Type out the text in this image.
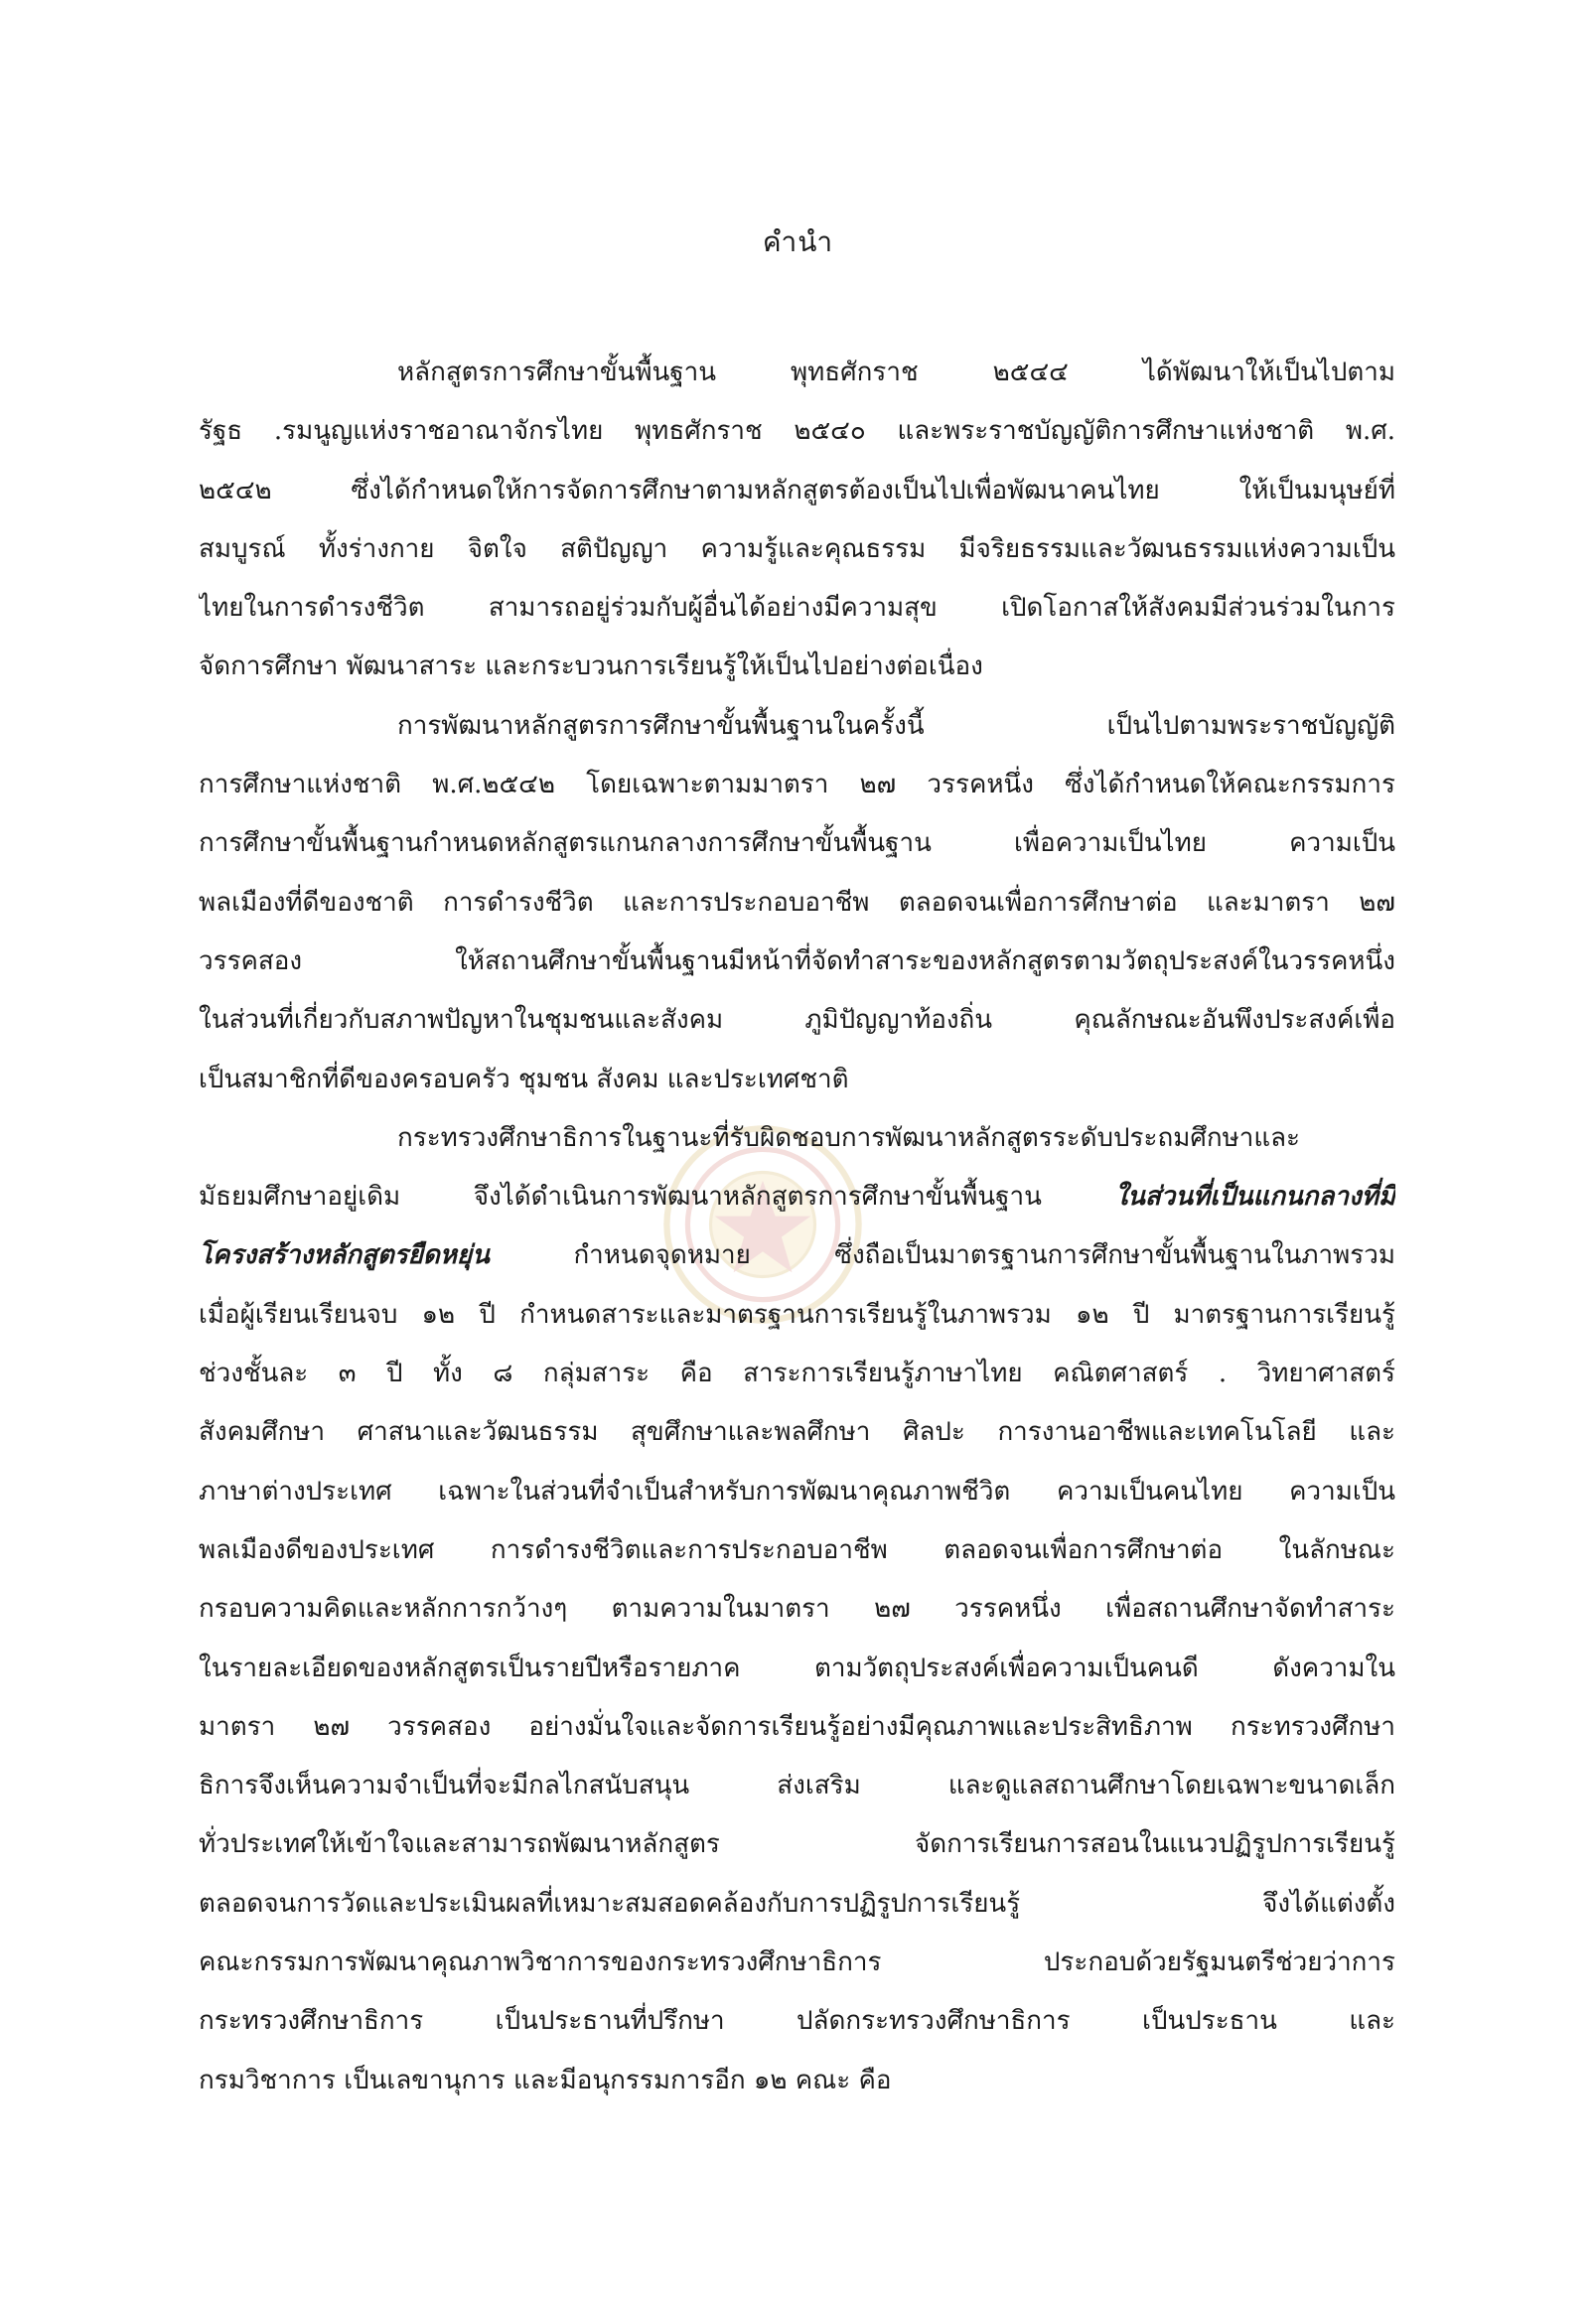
คำนำ
หลักสูตรการศึกษาขั้นพื้นฐาน พุทธศักราช ๒๕๔๔ ได้พัฒนาให้เป็นไปตาม
รัฐธ .รมนูญแห่งราชอาณาจักรไทย พุทธศักราช ๒๕๔๐ และพระราชบัญญัติการศึกษาแห่งชาติ พ.ศ.
๒๕๔๒ ซึ่งได้กำหนดให้การจัดการศึกษาตามหลักสูตรต้องเป็นไปเพื่อพัฒนาคนไทย ให้เป็นมนุษย์ที่
สมบูรณ์ ทั้งร่างกาย จิตใจ สติปัญญา ความรู้และคุณธรรม มีจริยธรรมและวัฒนธรรมแห่งความเป็น
ไทยในการดำรงชีวิต สามารถอยู่ร่วมกับผู้อื่นได้อย่างมีความสุข เปิดโอกาสให้สังคมมีส่วนร่วมในการ
จัดการศึกษา พัฒนาสาระ และกระบวนการเรียนรู้ให้เป็นไปอย่างต่อเนื่อง
การพัฒนาหลักสูตรการศึกษาขั้นพื้นฐานในครั้งนี้ เป็นไปตามพระราชบัญญัติ
การศึกษาแห่งชาติ พ.ศ.๒๕๔๒ โดยเฉพาะตามมาตรา ๒๗ วรรคหนึ่ง ซึ่งได้กำหนดให้คณะกรรมการ
การศึกษาขั้นพื้นฐานกำหนดหลักสูตรแกนกลางการศึกษาขั้นพื้นฐาน เพื่อความเป็นไทย ความเป็น
พลเมืองที่ดีของชาติ การดำรงชีวิต และการประกอบอาชีพ ตลอดจนเพื่อการศึกษาต่อ และมาตรา ๒๗
วรรคสอง ให้สถานศึกษาขั้นพื้นฐานมีหน้าที่จัดทำสาระของหลักสูตรตามวัตถุประสงค์ในวรรคหนึ่ง
ในส่วนที่เกี่ยวกับสภาพปัญหาในชุมชนและสังคม ภูมิปัญญาท้องถิ่น คุณลักษณะอันพึงประสงค์เพื่อ
เป็นสมาชิกที่ดีของครอบครัว ชุมชน สังคม และประเทศชาติ
กระทรวงศึกษาธิการในฐานะที่รับผิดชอบการพัฒนาหลักสูตรระดับประถมศึกษาและ
มัธยมศึกษาอยู่เดิม จึงได้ดำเนินการพัฒนาหลักสูตรการศึกษาขั้นพื้นฐาน ในส่วนที่เป็นแกนกลางที่มี
โครงสร้างหลักสูตรยืดหยุ่น กำหนดจุดหมาย ซึ่งถือเป็นมาตรฐานการศึกษาขั้นพื้นฐานในภาพรวม
เมื่อผู้เรียนเรียนจบ ๑๒ ปี กำหนดสาระและมาตรฐานการเรียนรู้ในภาพรวม ๑๒ ปี มาตรฐานการเรียนรู้
ช่วงชั้นละ ๓ ปี ทั้ง ๘ กลุ่มสาระ คือ สาระการเรียนรู้ภาษาไทย คณิตศาสตร์ . วิทยาศาสตร์
สังคมศึกษา ศาสนาและวัฒนธรรม สุขศึกษาและพลศึกษา ศิลปะ การงานอาชีพและเทคโนโลยี และ
ภาษาต่างประเทศ เฉพาะในส่วนที่จำเป็นสำหรับการพัฒนาคุณภาพชีวิต ความเป็นคนไทย ความเป็น
พลเมืองดีของประเทศ การดำรงชีวิตและการประกอบอาชีพ ตลอดจนเพื่อการศึกษาต่อ ในลักษณะ
กรอบความคิดและหลักการกว้างๆ ตามความในมาตรา ๒๗ วรรคหนึ่ง เพื่อสถานศึกษาจัดทำสาระ
ในรายละเอียดของหลักสูตรเป็นรายปีหรือรายภาค ตามวัตถุประสงค์เพื่อความเป็นคนดี ดังความใน
มาตรา ๒๗ วรรคสอง อย่างมั่นใจและจัดการเรียนรู้อย่างมีคุณภาพและประสิทธิภาพ กระทรวงศึกษา
ธิการจึงเห็นความจำเป็นที่จะมีกลไกสนับสนุน ส่งเสริม และดูแลสถานศึกษาโดยเฉพาะขนาดเล็ก
ทั่วประเทศให้เข้าใจและสามารถพัฒนาหลักสูตร จัดการเรียนการสอนในแนวปฏิรูปการเรียนรู้
ตลอดจนการวัดและประเมินผลที่เหมาะสมสอดคล้องกับการปฏิรูปการเรียนรู้ จึงได้แต่งตั้ง
คณะกรรมการพัฒนาคุณภาพวิชาการของกระทรวงศึกษาธิการ ประกอบด้วยรัฐมนตรีช่วยว่าการ
กระทรวงศึกษาธิการ เป็นประธานที่ปรึกษา ปลัดกระทรวงศึกษาธิการ เป็นประธาน และ
กรมวิชาการ เป็นเลขานุการ และมีอนุกรรมการอีก ๑๒ คณะ คือ
